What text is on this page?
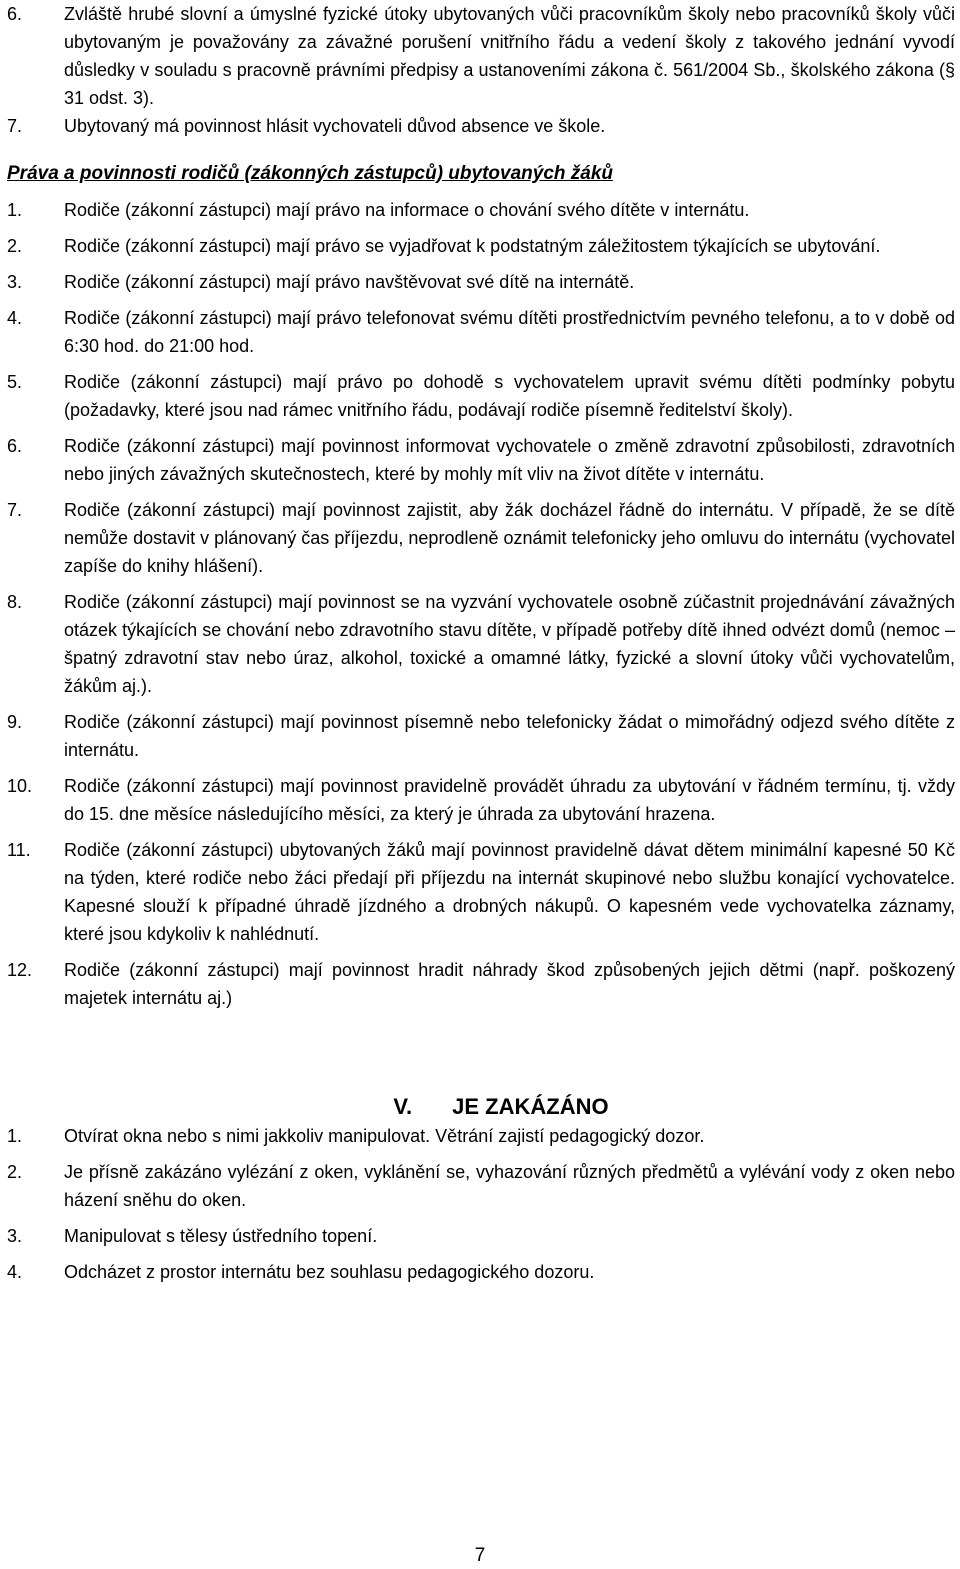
6.	Zvláště hrubé slovní a úmyslné fyzické útoky ubytovaných vůči pracovníkům školy nebo pracovníků školy vůči ubytovaným je považovány za závažné porušení vnitřního řádu a vedení školy z takového jednání vyvodí důsledky v souladu s pracovně právními předpisy a ustanoveními zákona č. 561/2004 Sb., školského zákona (§ 31 odst. 3).
7.	Ubytovaný má povinnost hlásit vychovateli důvod absence ve škole.
Práva a povinnosti rodičů (zákonných zástupců) ubytovaných žáků
1.	Rodiče (zákonní zástupci) mají právo na informace o chování svého dítěte v internátu.
2.	Rodiče (zákonní zástupci) mají právo se vyjadřovat k podstatným záležitostem týkajících se ubytování.
3.	Rodiče (zákonní zástupci) mají právo navštěvovat své dítě na internátě.
4.	Rodiče (zákonní zástupci) mají právo telefonovat svému dítěti prostřednictvím pevného telefonu, a to v době od 6:30 hod. do 21:00 hod.
5.	Rodiče (zákonní zástupci) mají právo po dohodě s vychovatelem upravit svému dítěti podmínky pobytu (požadavky, které jsou nad rámec vnitřního řádu, podávají rodiče písemně ředitelství školy).
6.	Rodiče (zákonní zástupci) mají povinnost informovat vychovatele o změně zdravotní způsobilosti, zdravotních nebo jiných závažných skutečnostech, které by mohly mít vliv na život dítěte v internátu.
7.	Rodiče (zákonní zástupci) mají povinnost zajistit, aby žák docházel řádně do internátu. V případě, že se dítě nemůže dostavit v plánovaný čas příjezdu, neprodleně oznámit telefonicky jeho omluvu do internátu (vychovatel zapíše do knihy hlášení).
8.	Rodiče (zákonní zástupci) mají povinnost se na vyzvání vychovatele osobně zúčastnit projednávání závažných otázek týkajících se chování nebo zdravotního stavu dítěte, v případě potřeby dítě ihned odvézt domů (nemoc – špatný zdravotní stav nebo úraz, alkohol, toxické a omamné látky, fyzické a slovní útoky vůči vychovatelům, žákům aj.).
9.	Rodiče (zákonní zástupci) mají povinnost písemně nebo telefonicky žádat o mimořádný odjezd svého dítěte z internátu.
10.	Rodiče (zákonní zástupci) mají povinnost pravidelně provádět úhradu za ubytování v řádném termínu, tj. vždy do 15. dne měsíce následujícího měsíci, za který je úhrada za ubytování hrazena.
11.	Rodiče (zákonní zástupci) ubytovaných žáků mají povinnost pravidelně dávat dětem minimální kapesné 50 Kč na týden, které rodiče nebo žáci předají při příjezdu na internát skupinové nebo službu konající vychovatelce. Kapesné slouží k případné úhradě jízdného a drobných nákupů. O kapesném vede vychovatelka záznamy, které jsou kdykoliv k nahlédnutí.
12.	Rodiče (zákonní zástupci) mají povinnost hradit náhrady škod způsobených jejich dětmi (např. poškozený majetek internátu aj.)
V. JE ZAKÁZÁNO
1.	Otvírat okna nebo s nimi jakkoliv manipulovat. Větrání zajistí pedagogický dozor.
2.	Je přísně zakázáno vylézání z oken, vyklánění se, vyhazování různých předmětů a vylévání vody z oken nebo házení sněhu do oken.
3.	Manipulovat s tělesy ústředního topení.
4.	Odcházet z prostor internátu bez souhlasu pedagogického dozoru.
7
